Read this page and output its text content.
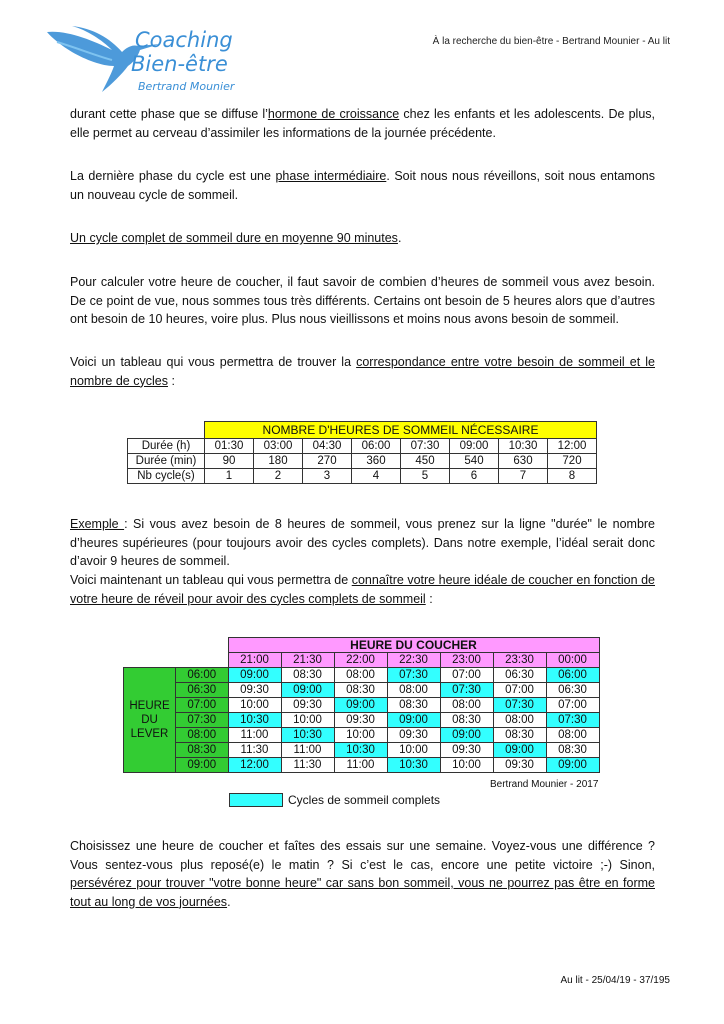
Coaching
Bien-être
Bertrand Mounier
À la recherche du bien-être - Bertrand Mounier - Au lit

durant cette phase que se diffuse l’hormone de croissance chez les enfants et les adolescents. De plus, elle permet au cerveau d’assimiler les informations de la journée précédente.

La dernière phase du cycle est une phase intermédiaire. Soit nous nous réveillons, soit nous entamons un nouveau cycle de sommeil.

Un cycle complet de sommeil dure en moyenne 90 minutes.

Pour calculer votre heure de coucher, il faut savoir de combien d’heures de sommeil vous avez besoin. De ce point de vue, nous sommes tous très différents. Certains ont besoin de 5 heures alors que d’autres ont besoin de 10 heures, voire plus. Plus nous vieillissons et moins nous avons besoin de sommeil.

Voici un tableau qui vous permettra de trouver la correspondance entre votre besoin de sommeil et le nombre de cycles :

	NOMBRE D'HEURES DE SOMMEIL NÉCESSAIRE							
Durée (h)	01:30	03:00	04:30	06:00	07:30	09:00	10:30	12:00
Durée (min)	90	180	270	360	450	540	630	720
Nb cycle(s)	1	2	3	4	5	6	7	8

Exemple : Si vous avez besoin de 8 heures de sommeil, vous prenez sur la ligne "durée" le nombre d’heures supérieures (pour toujours avoir des cycles complets). Dans notre exemple, l’idéal serait donc d’avoir 9 heures de sommeil.

Voici maintenant un tableau qui vous permettra de connaître votre heure idéale de coucher en fonction de votre heure de réveil pour avoir des cycles complets de sommeil :

		HEURE DU COUCHER						
		21:00	21:30	22:00	22:30	23:00	23:30	00:00

HEURE
DU
LEVER	06:00	09:00	08:30	08:00	07:30	07:00	06:30	06:00
	06:30	09:30	09:00	08:30	08:00	07:30	07:00	06:30
	07:00	10:00	09:30	09:00	08:30	08:00	07:30	07:00
	07:30	10:30	10:00	09:30	09:00	08:30	08:00	07:30
	08:00	11:00	10:30	10:00	09:30	09:00	08:30	08:00
	08:30	11:30	11:00	10:30	10:00	09:30	09:00	08:30
	09:00	12:00	11:30	11:00	10:30	10:00	09:30	09:00
Bertrand Mounier - 2017
Cycles de sommeil complets

Choisissez une heure de coucher et faîtes des essais sur une semaine. Voyez-vous une différence ? Vous sentez-vous plus reposé(e) le matin ? Si c’est le cas, encore une petite victoire ;-) Sinon, persévérez pour trouver "votre bonne heure" car sans bon sommeil, vous ne pourrez pas être en forme tout au long de vos journées.

Au lit - 25/04/19 - 37/195
